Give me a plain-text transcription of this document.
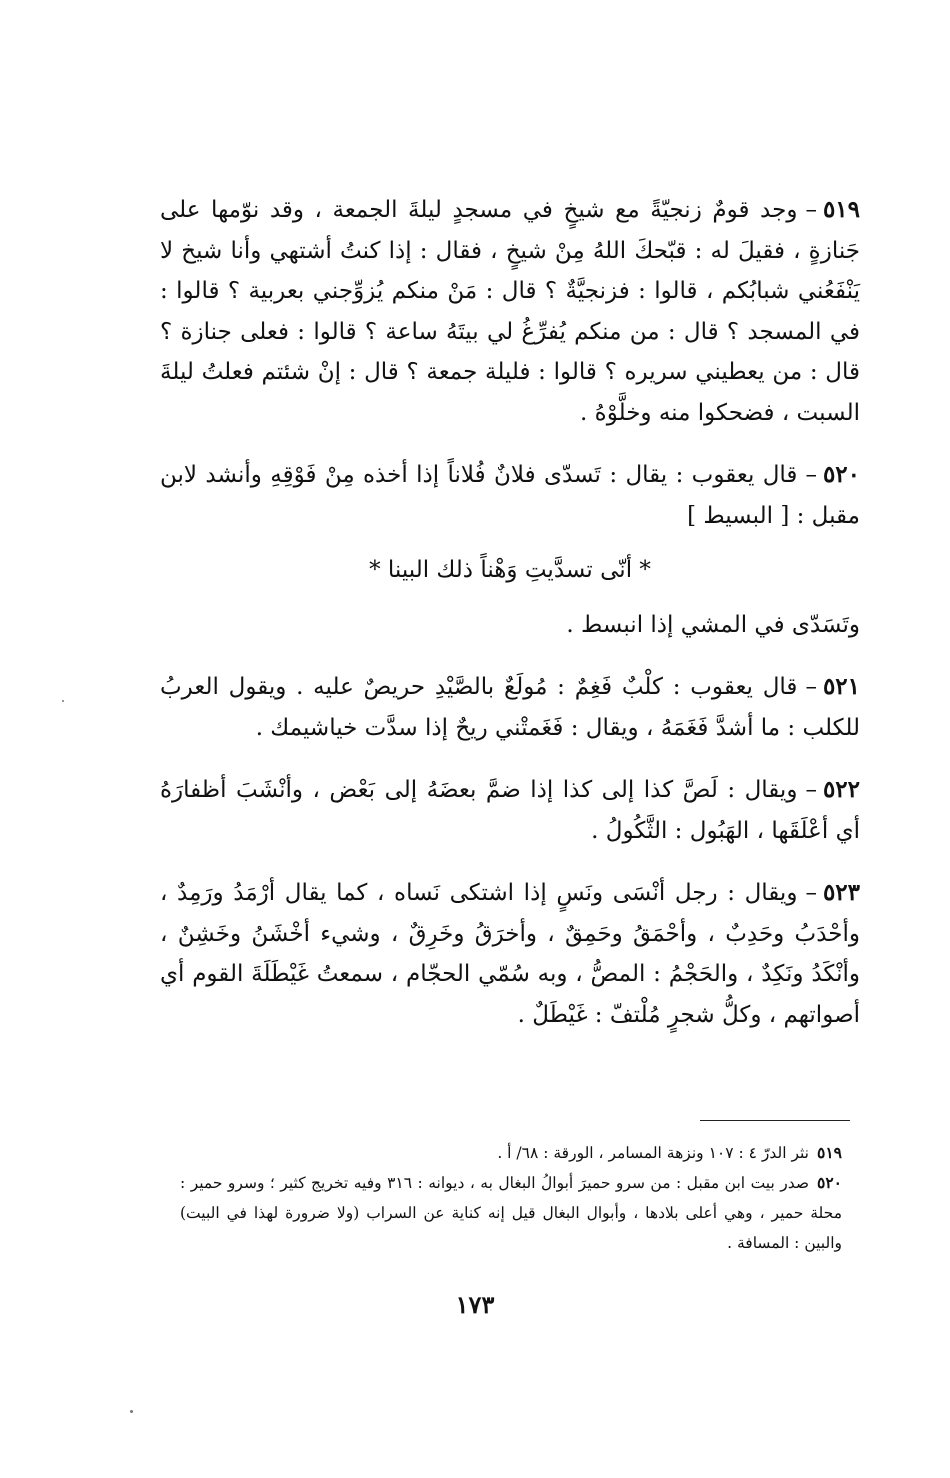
٥١٩–وجد قومٌ زنجيّةً مع شيخٍ في مسجدٍ ليلةَ الجمعة ، وقد نوّمها على جَنازةٍ ، فقيلَ له : قبّحكَ اللهُ مِنْ شيخٍ ، فقال : إذا كنتُ أشتهي وأنا شيخ لا يَنْفَعُني شبابُكم ، قالوا : فزنجيَّةٌ ؟ قال : مَنْ منكم يُزوِّجني بعربية ؟ قالوا : في المسجد ؟ قال : من منكم يُفرِّغُ لي بيتَهُ ساعة ؟ قالوا : فعلى جنازة ؟ قال : من يعطيني سريره ؟ قالوا : فليلة جمعة ؟ قال : إنْ شئتم فعلتُ ليلةَ السبت ، فضحكوا منه وخلَّوْهُ .

٥٢٠–قال يعقوب : يقال : تَسدّى فلانٌ فُلاناً إذا أخذه مِنْ فَوْقِهِ وأنشد لابن مقبل : [ البسيط ]

* أنّى تسدَّيتِ وَهْناً ذلك البينا *

وتَسَدّى في المشي إذا انبسط .

٥٢١–قال يعقوب : كلْبٌ فَغِمٌ : مُولَعٌ بالصَّيْدِ حريصٌ عليه . ويقول العربُ للكلب : ما أشدَّ فَغَمَهُ ، ويقال : فَغَمتْني ريحٌ إذا سدَّت خياشيمك .

٥٢٢–ويقال : لَصَّ كذا إلى كذا إذا ضمَّ بعضَهُ إلى بَعْض ، وأنْشَبَ أظفارَهُ أي أعْلَقَها ، الهَبُول : الثَّكُولُ .

٥٢٣–ويقال : رجل أنْسَى ونَسٍ إذا اشتكى نَساه ، كما يقال أرْمَدُ ورَمِدٌ ، وأحْدَبُ وحَدِبٌ ، وأحْمَقُ وحَمِقٌ ، وأخرَقُ وخَرِقٌ ، وشيء أخْشَنُ وخَشِنٌ ، وأنْكَدُ ونَكِدٌ ، والحَجْمُ : المصُّ ، وبه سُمّي الحجّام ، سمعتُ غَيْطَلَةَ القوم أي أصواتهم ، وكلُّ شجرٍ مُلْتفّ : غَيْطَلٌ .

٥١٩نثر الدرّ ٤ : ١٠٧ ونزهة المسامر ، الورقة : ٦٨/ أ .

٥٢٠صدر بيت ابن مقبل : من سرو حميرَ أبوالُ البغال به ، ديوانه : ٣١٦ وفيه تخريج كثير ؛ وسرو حمير : محلة حمير ، وهي أعلى بلادها ، وأبوال البغال قيل إنه كناية عن السراب (ولا ضرورة لهذا في البيت) والبين : المسافة .

١٧٣
